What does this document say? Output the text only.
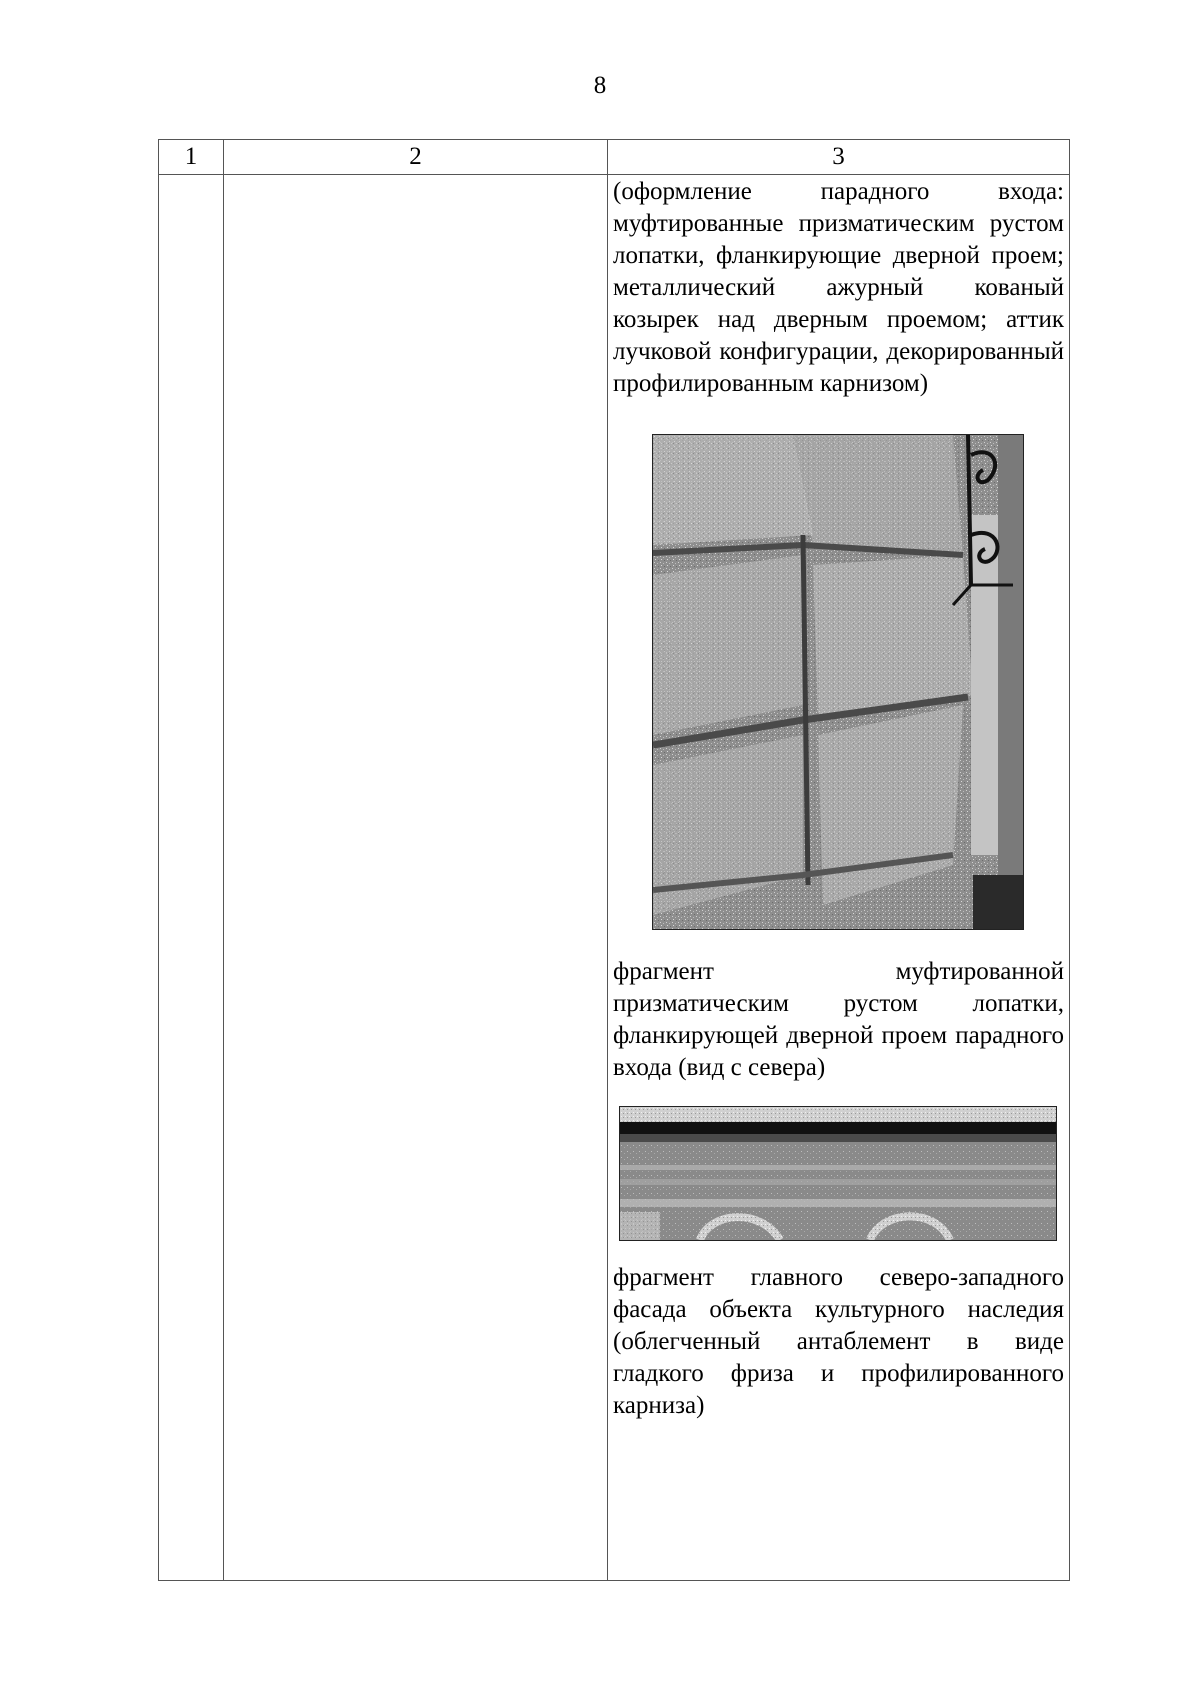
8
1	2	3

(оформление парадного входа: муфтированные призматическим рустом лопатки, фланкирующие дверной проем; металлический ажурный кованый козырек над дверным проемом; аттик лучковой конфигурации, декорированный профилированным карнизом)

фрагмент муфтированной призматическим рустом лопатки, фланкирующей дверной проем парадного входа (вид с севера)

фрагмент главного северо-западного фасада объекта культурного наследия (облегченный антаблемент в виде гладкого фриза и профилированного карниза)
